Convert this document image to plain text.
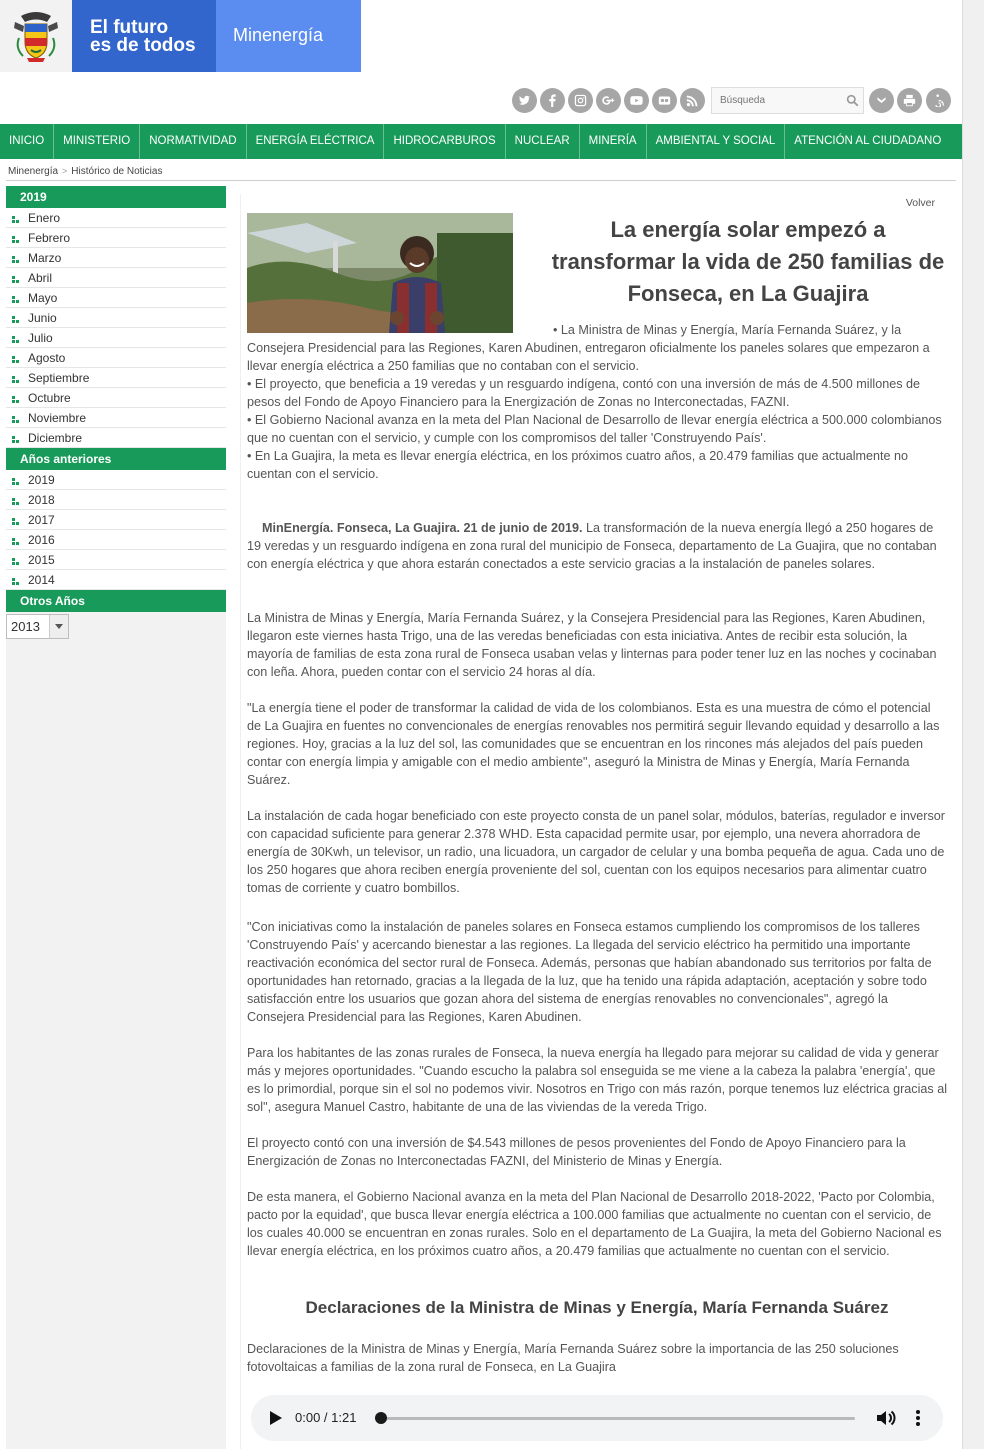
El futuro
es de todos	Minenergía
Búsqueda
INICIO	MINISTERIO	NORMATIVIDAD	ENERGÍA ELÉCTRICA	HIDROCARBUROS	NUCLEAR	MINERÍA	AMBIENTAL Y SOCIAL	ATENCIÓN AL CIUDADANO
Minenergía > Histórico de Noticias
2019
Enero
Febrero
Marzo
Abril
Mayo
Junio
Julio
Agosto
Septiembre
Octubre
Noviembre
Diciembre
Años anteriores
2019
2018
2017
2016
2015
2014
Otros Años
2013
Volver
La energía solar empezó a transformar la vida de 250 familias de Fonseca, en La Guajira
• La Ministra de Minas y Energía, María Fernanda Suárez, y la Consejera Presidencial para las Regiones, Karen Abudinen, entregaron oficialmente los paneles solares que empezaron a llevar energía eléctrica a 250 familias que no contaban con el servicio.
• El proyecto, que beneficia a 19 veredas y un resguardo indígena, contó con una inversión de más de 4.500 millones de pesos del Fondo de Apoyo Financiero para la Energización de Zonas no Interconectadas, FAZNI.
• El Gobierno Nacional avanza en la meta del Plan Nacional de Desarrollo de llevar energía eléctrica a 500.000 colombianos que no cuentan con el servicio, y cumple con los compromisos del taller 'Construyendo País'.
• En La Guajira, la meta es llevar energía eléctrica, en los próximos cuatro años, a 20.479 familias que actualmente no cuentan con el servicio.

MinEnergía. Fonseca, La Guajira. 21 de junio de 2019. La transformación de la nueva energía llegó a 250 hogares de 19 veredas y un resguardo indígena en zona rural del municipio de Fonseca, departamento de La Guajira, que no contaban con energía eléctrica y que ahora estarán conectados a este servicio gracias a la instalación de paneles solares.

La Ministra de Minas y Energía, María Fernanda Suárez, y la Consejera Presidencial para las Regiones, Karen Abudinen, llegaron este viernes hasta Trigo, una de las veredas beneficiadas con esta iniciativa. Antes de recibir esta solución, la mayoría de familias de esta zona rural de Fonseca usaban velas y linternas para poder tener luz en las noches y cocinaban con leña. Ahora, pueden contar con el servicio 24 horas al día.

"La energía tiene el poder de transformar la calidad de vida de los colombianos. Esta es una muestra de cómo el potencial de La Guajira en fuentes no convencionales de energías renovables nos permitirá seguir llevando equidad y desarrollo a las regiones. Hoy, gracias a la luz del sol, las comunidades que se encuentran en los rincones más alejados del país pueden contar con energía limpia y amigable con el medio ambiente", aseguró la Ministra de Minas y Energía, María Fernanda Suárez.

La instalación de cada hogar beneficiado con este proyecto consta de un panel solar, módulos, baterías, regulador e inversor con capacidad suficiente para generar 2.378 WHD. Esta capacidad permite usar, por ejemplo, una nevera ahorradora de energía de 30Kwh, un televisor, un radio, una licuadora, un cargador de celular y una bomba pequeña de agua. Cada uno de los 250 hogares que ahora reciben energía proveniente del sol, cuentan con los equipos necesarios para alimentar cuatro tomas de corriente y cuatro bombillos.

"Con iniciativas como la instalación de paneles solares en Fonseca estamos cumpliendo los compromisos de los talleres 'Construyendo País' y acercando bienestar a las regiones. La llegada del servicio eléctrico ha permitido una importante reactivación económica del sector rural de Fonseca. Además, personas que habían abandonado sus territorios por falta de oportunidades han retornado, gracias a la llegada de la luz, que ha tenido una rápida adaptación, aceptación y sobre todo satisfacción entre los usuarios que gozan ahora del sistema de energías renovables no convencionales", agregó la Consejera Presidencial para las Regiones, Karen Abudinen.

Para los habitantes de las zonas rurales de Fonseca, la nueva energía ha llegado para mejorar su calidad de vida y generar más y mejores oportunidades. "Cuando escucho la palabra sol enseguida se me viene a la cabeza la palabra 'energía', que es lo primordial, porque sin el sol no podemos vivir. Nosotros en Trigo con más razón, porque tenemos luz eléctrica gracias al sol", asegura Manuel Castro, habitante de una de las viviendas de la vereda Trigo.

El proyecto contó con una inversión de $4.543 millones de pesos provenientes del Fondo de Apoyo Financiero para la Energización de Zonas no Interconectadas FAZNI, del Ministerio de Minas y Energía.

De esta manera, el Gobierno Nacional avanza en la meta del Plan Nacional de Desarrollo 2018-2022, 'Pacto por Colombia, pacto por la equidad', que busca llevar energía eléctrica a 100.000 familias que actualmente no cuentan con el servicio, de los cuales 40.000 se encuentran en zonas rurales. Solo en el departamento de La Guajira, la meta del Gobierno Nacional es llevar energía eléctrica, en los próximos cuatro años, a 20.479 familias que actualmente no cuentan con el servicio.

Declaraciones de la Ministra de Minas y Energía, María Fernanda Suárez

Declaraciones de la Ministra de Minas y Energía, María Fernanda Suárez sobre la importancia de las 250 soluciones fotovoltaicas a familias de la zona rural de Fonseca, en La Guajira

0:00 / 1:21
